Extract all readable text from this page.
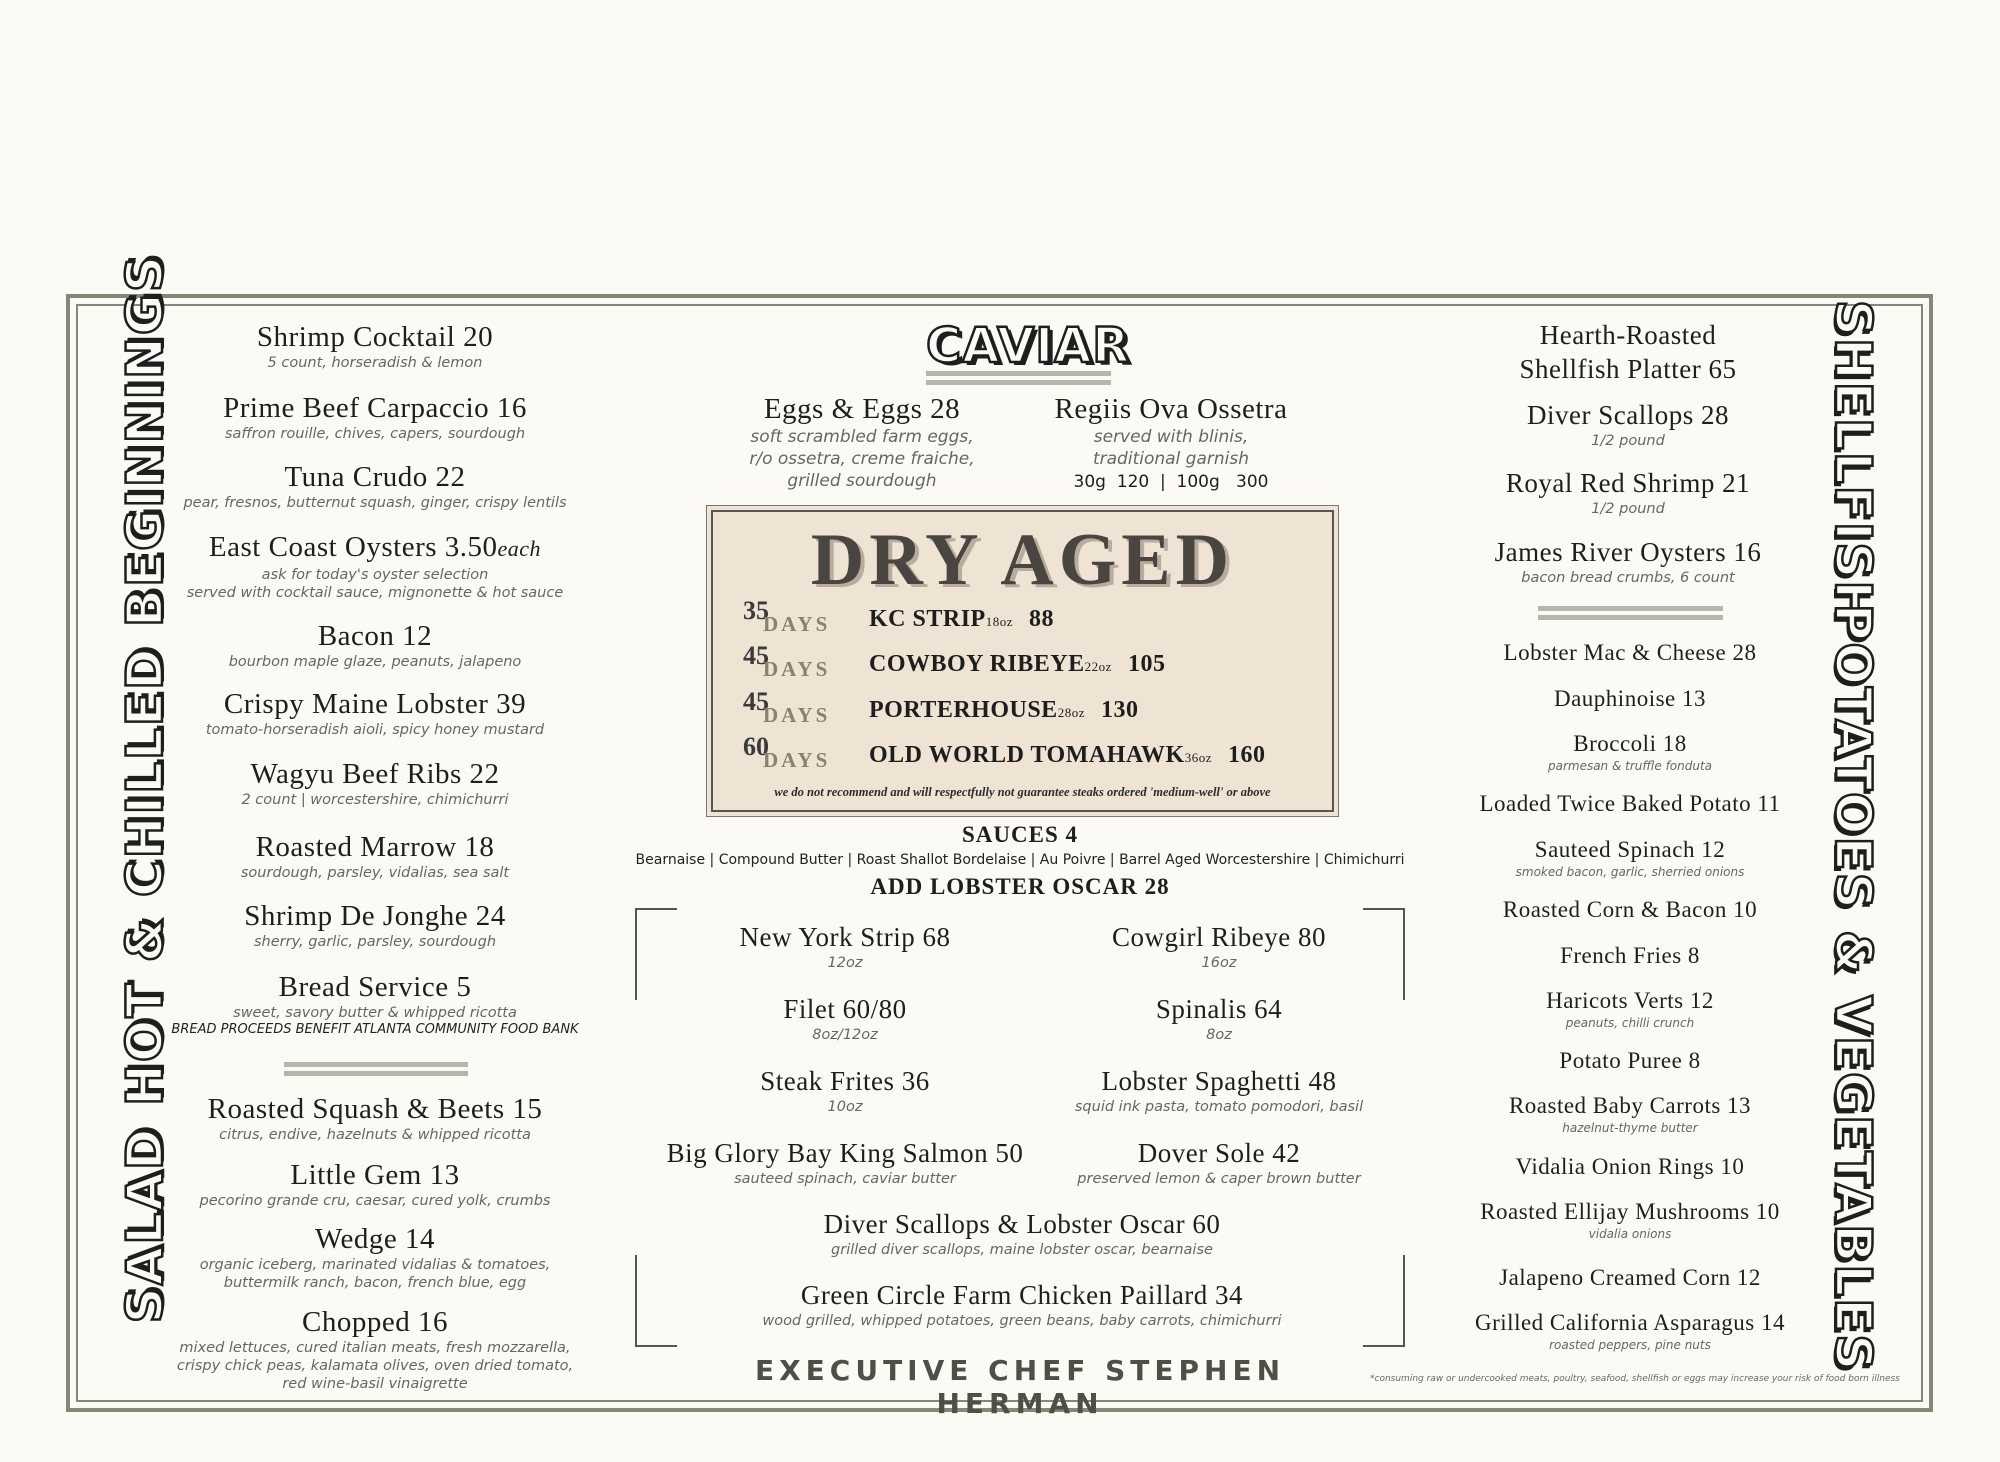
HOT & CHILLED BEGINNINGS
SALAD
SHELLFISH
POTATOES & VEGETABLES
Shrimp Cocktail 20
5 count, horseradish & lemon
Prime Beef Carpaccio 16
saffron rouille, chives, capers, sourdough
Tuna Crudo 22
pear, fresnos, butternut squash, ginger, crispy lentils
East Coast Oysters 3.50each
ask for today's oyster selection
served with cocktail sauce, mignonette & hot sauce
Bacon 12
bourbon maple glaze, peanuts, jalapeno
Crispy Maine Lobster 39
tomato-horseradish aioli, spicy honey mustard
Wagyu Beef Ribs 22
2 count | worcestershire, chimichurri
Roasted Marrow 18
sourdough, parsley, vidalias, sea salt
Shrimp De Jonghe 24
sherry, garlic, parsley, sourdough
Bread Service 5
sweet, savory butter & whipped ricotta
BREAD PROCEEDS BENEFIT ATLANTA COMMUNITY FOOD BANK
Roasted Squash & Beets 15
citrus, endive, hazelnuts & whipped ricotta
Little Gem 13
pecorino grande cru, caesar, cured yolk, crumbs
Wedge 14
organic iceberg, marinated vidalias & tomatoes,
buttermilk ranch, bacon, french blue, egg
Chopped 16
mixed lettuces, cured italian meats, fresh mozzarella,
crispy chick peas, kalamata olives, oven dried tomato,
red wine-basil vinaigrette
CAVIAR
Eggs & Eggs 28
soft scrambled farm eggs,
r/o ossetra, creme fraiche,
grilled sourdough
Regiis Ova Ossetra
served with blinis,
traditional garnish
30g  120  |  100g   300
DRY AGED
35
DAYS KC STRIP18oz 88
45
DAYS COWBOY RIBEYE22oz 105
45
DAYS PORTERHOUSE28oz 130
60
DAYS OLD WORLD TOMAHAWK36oz 160
we do not recommend and will respectfully not guarantee steaks ordered 'medium-well' or above
SAUCES 4
Bearnaise | Compound Butter | Roast Shallot Bordelaise | Au Poivre | Barrel Aged Worcestershire | Chimichurri
ADD LOBSTER OSCAR 28
New York Strip 68
12oz
Cowgirl Ribeye 80
16oz
Filet 60/80
8oz/12oz
Spinalis 64
8oz
Steak Frites 36
10oz
Lobster Spaghetti 48
squid ink pasta, tomato pomodori, basil
Big Glory Bay King Salmon 50
sauteed spinach, caviar butter
Dover Sole 42
preserved lemon & caper brown butter
Diver Scallops & Lobster Oscar 60
grilled diver scallops, maine lobster oscar, bearnaise
Green Circle Farm Chicken Paillard 34
wood grilled, whipped potatoes, green beans, baby carrots, chimichurri
EXECUTIVE CHEF STEPHEN HERMAN
*consuming raw or undercooked meats, poultry, seafood, shellfish or eggs may increase your risk of food born illness
Hearth-Roasted
Shellfish Platter 65
Diver Scallops 28
1/2 pound
Royal Red Shrimp 21
1/2 pound
James River Oysters 16
bacon bread crumbs, 6 count
Lobster Mac & Cheese 28
Dauphinoise 13
Broccoli 18
parmesan & truffle fonduta
Loaded Twice Baked Potato 11
Sauteed Spinach 12
smoked bacon, garlic, sherried onions
Roasted Corn & Bacon 10
French Fries 8
Haricots Verts 12
peanuts, chilli crunch
Potato Puree 8
Roasted Baby Carrots 13
hazelnut-thyme butter
Vidalia Onion Rings 10
Roasted Ellijay Mushrooms 10
vidalia onions
Jalapeno Creamed Corn 12
Grilled California Asparagus 14
roasted peppers, pine nuts
